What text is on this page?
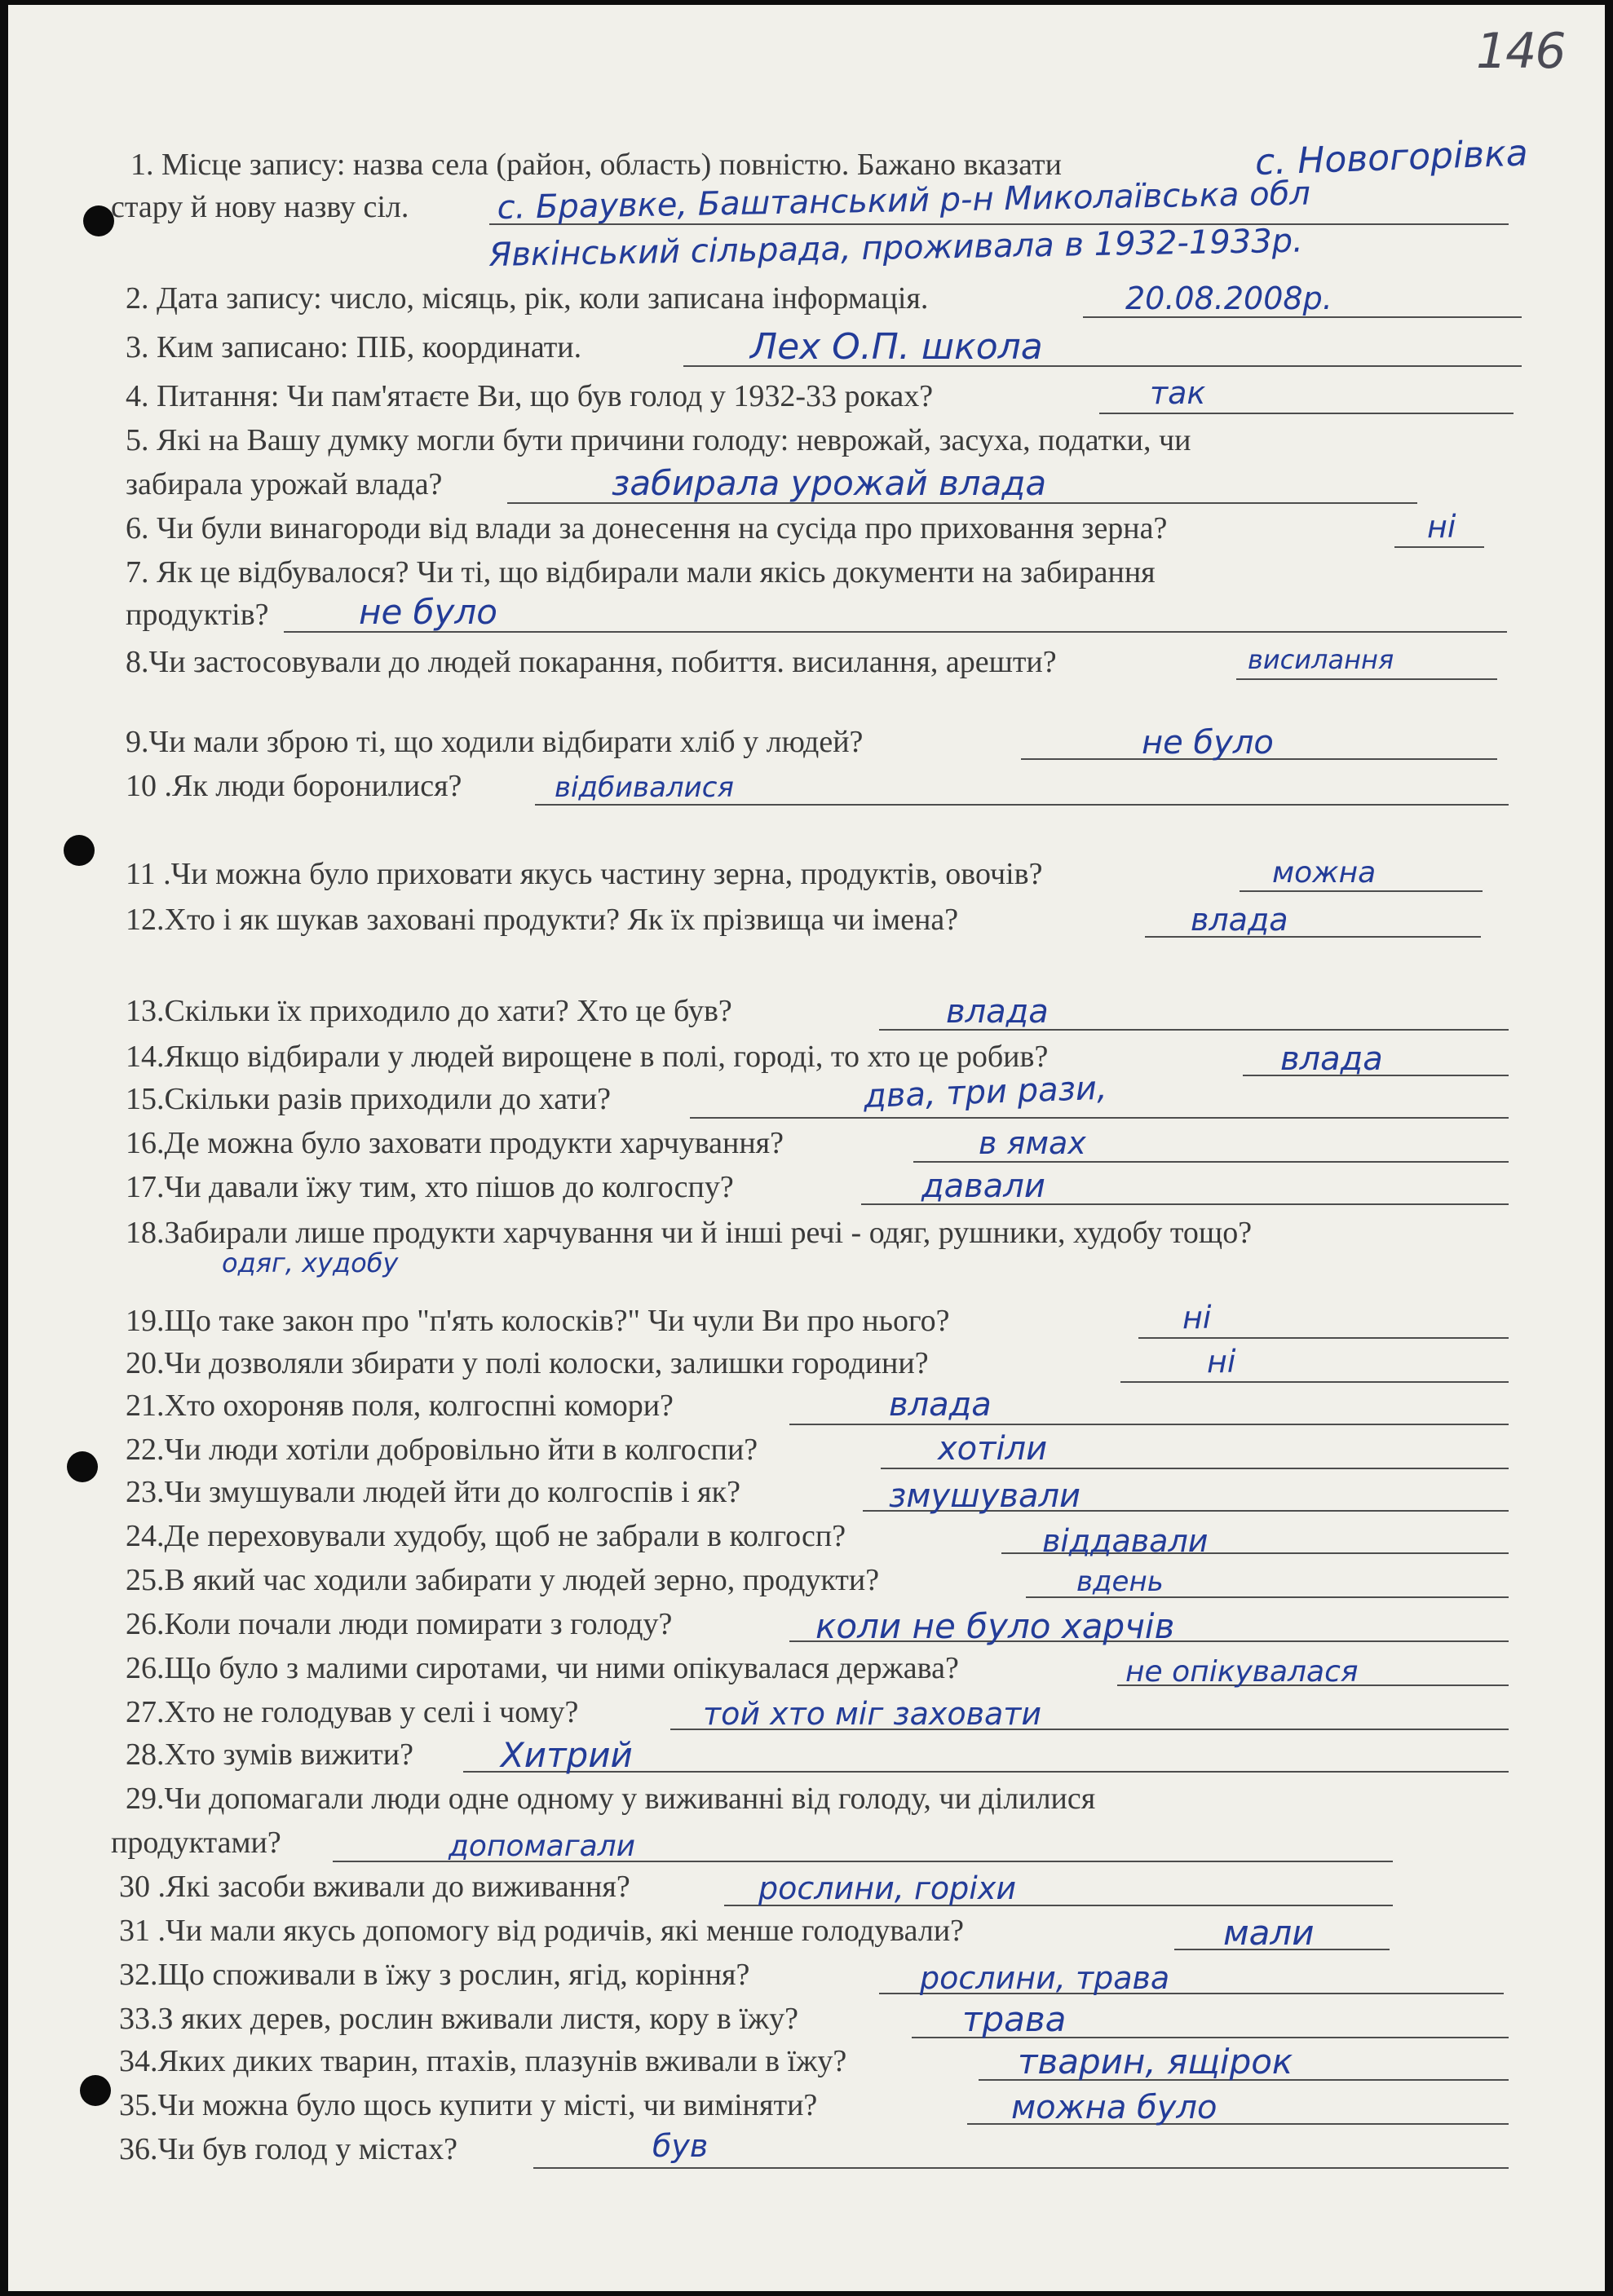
146
1. Місце запису: назва села (район, область) повністю. Бажано вказати
стару й нову назву сіл.
2. Дата запису: число, місяць, рік, коли записана інформація.
3. Ким записано: ПІБ, координати.
4. Питання: Чи пам'ятаєте Ви, що був голод у 1932-33 роках?
5. Які на Вашу думку могли бути причини голоду: неврожай, засуха, податки, чи
забирала урожай влада?
6. Чи були винагороди від влади за донесення на сусіда про приховання зерна?
7. Як це відбувалося? Чи ті, що відбирали мали якісь документи на забирання
продуктів?
8.Чи застосовували до людей покарання, побиття. висилання, арешти?
9.Чи мали зброю ті, що ходили відбирати хліб у людей?
10 .Як люди боронилися?
11 .Чи можна було приховати якусь частину зерна, продуктів, овочів?
12.Хто і як шукав заховані продукти? Як їх прізвища чи імена?
13.Скільки їх приходило до хати? Хто це був?
14.Якщо відбирали у людей вирощене в полі, городі, то хто це робив?
15.Скільки разів приходили до хати?
16.Де можна було заховати продукти харчування?
17.Чи давали їжу тим, хто пішов до колгоспу?
18.Забирали лише продукти харчування чи й інші речі - одяг, рушники, худобу тощо?
19.Що таке закон про "п'ять колосків?" Чи чули Ви про нього?
20.Чи дозволяли збирати у полі колоски, залишки городини?
21.Хто охороняв поля, колгоспні комори?
22.Чи люди хотіли добровільно йти в колгоспи?
23.Чи змушували людей йти до колгоспів і як?
24.Де переховували худобу, щоб не забрали в колгосп?
25.В який час ходили забирати у людей зерно, продукти?
26.Коли почали люди помирати з голоду?
26.Що було з малими сиротами, чи ними опікувалася держава?
27.Хто не голодував у селі і чому?
28.Хто зумів вижити?
29.Чи допомагали люди одне одному у виживанні від голоду, чи ділилися
продуктами?
30 .Які засоби вживали до виживання?
31 .Чи мали якусь допомогу від родичів, які менше голодували?
32.Що споживали в їжу з рослин, ягід, коріння?
33.З яких дерев, рослин вживали листя, кору в їжу?
34.Яких диких тварин, птахів, плазунів вживали в їжу?
35.Чи можна було щось купити у місті, чи виміняти?
36.Чи був голод у містах?
с. Новогорівка
с. Браувке, Баштанський р-н Миколаївська обл
Явкінський сільрада, проживала в 1932-1933р.
20.08.2008р.
Лех О.П. школа
так
забирала урожай влада
ні
не було
висилання
не було
відбивалися
можна
влада
влада
влада
два, три рази,
в ямах
давали
одяг, худобу
ні
ні
влада
хотіли
змушували
віддавали
вдень
коли не було харчів
не опікувалася
той хто міг заховати
Хитрий
допомагали
рослини, горіхи
мали
рослини, трава
трава
тварин, ящірок
можна було
був
